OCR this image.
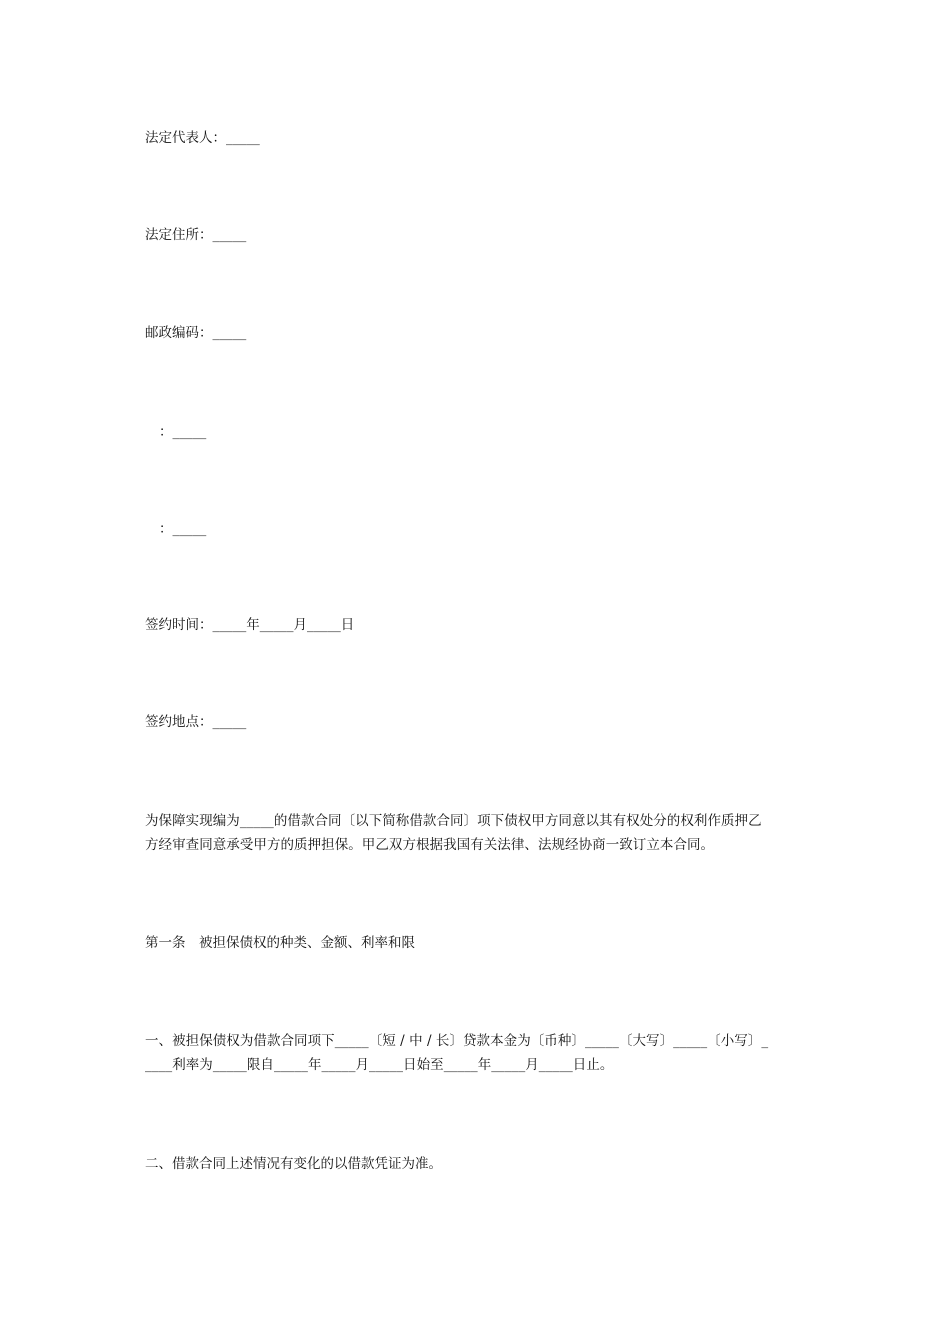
法定代表人：_____
法定住所：_____
邮政编码：_____
：_____
：_____
签约时间：_____年_____月_____日
签约地点：_____
为保障实现编为_____的借款合同〔以下简称借款合同〕项下债权甲方同意以其有权处分的权利作质押乙
方经审查同意承受甲方的质押担保。甲乙双方根据我国有关法律、法规经协商一致订立本合同。
第一条　被担保债权的种类、金额、利率和限
一、被担保债权为借款合同项下_____〔短 / 中 / 长〕贷款本金为〔币种〕_____〔大写〕_____〔小写〕_
____利率为_____限自_____年_____月_____日始至_____年_____月_____日止。
二、借款合同上述情况有变化的以借款凭证为准。
